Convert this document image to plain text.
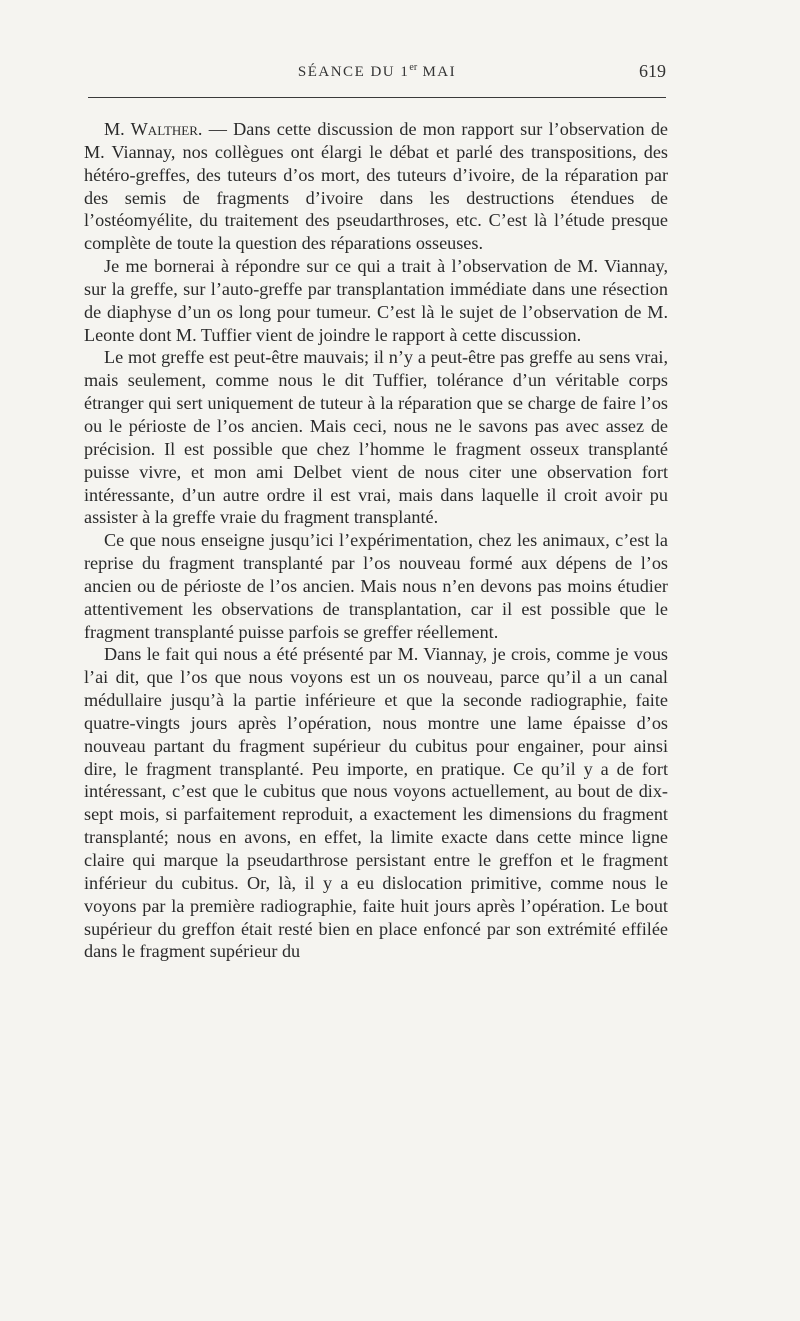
SÉANCE DU 1er MAI	619

M. Walther. — Dans cette discussion de mon rapport sur l’observation de M. Viannay, nos collègues ont élargi le débat et parlé des transpositions, des hétéro-greffes, des tuteurs d’os mort, des tuteurs d’ivoire, de la réparation par des semis de fragments d’ivoire dans les destructions étendues de l’ostéomyélite, du traitement des pseudarthroses, etc. C’est là l’étude presque complète de toute la question des réparations osseuses.

Je me bornerai à répondre sur ce qui a trait à l’observation de M. Viannay, sur la greffe, sur l’auto-greffe par transplantation immédiate dans une résection de diaphyse d’un os long pour tumeur. C’est là le sujet de l’observation de M. Leonte dont M. Tuffier vient de joindre le rapport à cette discussion.

Le mot greffe est peut-être mauvais; il n’y a peut-être pas greffe au sens vrai, mais seulement, comme nous le dit Tuffier, tolérance d’un véritable corps étranger qui sert uniquement de tuteur à la réparation que se charge de faire l’os ou le périoste de l’os ancien. Mais ceci, nous ne le savons pas avec assez de précision. Il est possible que chez l’homme le fragment osseux transplanté puisse vivre, et mon ami Delbet vient de nous citer une observation fort intéressante, d’un autre ordre il est vrai, mais dans laquelle il croit avoir pu assister à la greffe vraie du fragment transplanté.

Ce que nous enseigne jusqu’ici l’expérimentation, chez les animaux, c’est la reprise du fragment transplanté par l’os nouveau formé aux dépens de l’os ancien ou de périoste de l’os ancien. Mais nous n’en devons pas moins étudier attentivement les observations de transplantation, car il est possible que le fragment transplanté puisse parfois se greffer réellement.

Dans le fait qui nous a été présenté par M. Viannay, je crois, comme je vous l’ai dit, que l’os que nous voyons est un os nouveau, parce qu’il a un canal médullaire jusqu’à la partie inférieure et que la seconde radiographie, faite quatre-vingts jours après l’opération, nous montre une lame épaisse d’os nouveau partant du fragment supérieur du cubitus pour engainer, pour ainsi dire, le fragment transplanté. Peu importe, en pratique. Ce qu’il y a de fort intéressant, c’est que le cubitus que nous voyons actuellement, au bout de dix-sept mois, si parfaitement reproduit, a exactement les dimensions du fragment transplanté; nous en avons, en effet, la limite exacte dans cette mince ligne claire qui marque la pseudarthrose persistant entre le greffon et le fragment inférieur du cubitus. Or, là, il y a eu dislocation primitive, comme nous le voyons par la première radiographie, faite huit jours après l’opération. Le bout supérieur du greffon était resté bien en place enfoncé par son extrémité effilée dans le fragment supérieur du
